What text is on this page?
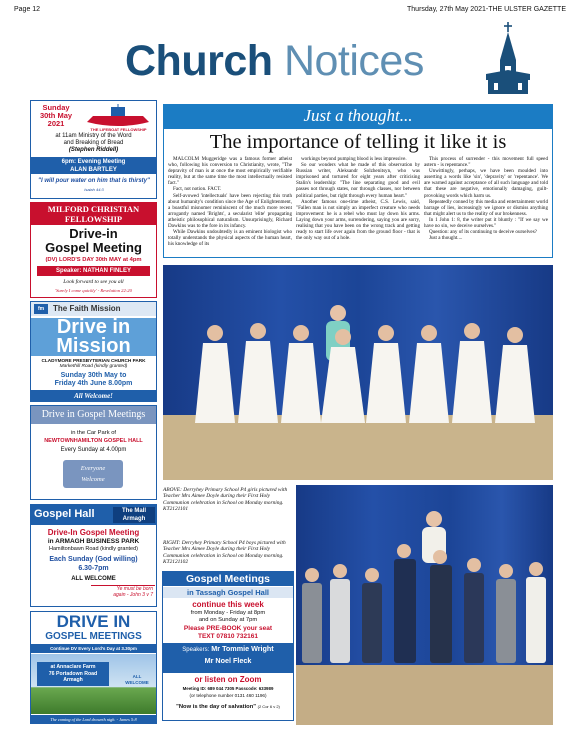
Page 12	Thursday, 27th May 2021-THE ULSTER GAZETTE
Church Notices
Sunday
30th May
2021
THE LIFEBOAT FELLOWSHIP
at 11am Ministry of the Word
and Breaking of Bread
(Stephen Riddell)
6pm: Evening Meeting
ALAN BARTLEY
"I will pour water on him that is thirsty" Isaiah 44:3
MILFORD CHRISTIAN
FELLOWSHIP
Drive-in
Gospel Meeting
(DV) LORD'S DAY 30th MAY at 4pm
Speaker: NATHAN FINLEY
Look forward to see you all
'Surely I come quickly' - Revelation 22:20
fm	The Faith Mission
Drive in
Mission
CLADYMORE PRESBYTERIAN CHURCH PARK
Markethill Road (kindly granted)
Sunday 30th May to
Friday 4th June 8.00pm
All Welcome!
Drive in Gospel Meetings
in the Car Park of
NEWTOWNHAMILTON GOSPEL HALL
Every Sunday at 4.00pm
Everyone
Welcome
Gospel Hall	The Mall
Armagh
Drive-In Gospel Meeting
in ARMAGH BUSINESS PARK
Hamiltonbawn Road (kindly granted)
Each Sunday (God willing)
6.30-7pm
ALL WELCOME
Ye must be born
again - John 3 v 7
DRIVE IN
GOSPEL MEETINGS
Continue DV Every Lord's Day at 3.30pm
at Annaclare Farm
76 Portadown Road
Armagh
ALL
WELCOME
The coming of the Lord draweth nigh. - James 5:8
Just a thought...
The importance of telling it like it is

MALCOLM Muggeridge was a famous former atheist who, following his conversion to Christianity, wrote, "The depravity of man is at once the most empirically verifiable reality, but at the same time the most intellectually resisted fact."

Fact, not notion. FACT.

Self-avowed 'intellectuals' have been rejecting this truth about humanity's condition since the Age of Enlightenment, a boastful misnomer reminiscent of the much more recent arrogantly named 'Brights', a secularist 'elite' propagating atheistic philosophical naturalism. Unsurprisingly, Richard Dawkins was to the fore in its infancy.

While Dawkins undoubtedly is an eminent biologist who totally understands the physical aspects of the human heart, his knowledge of its

workings beyond pumping blood is less impressive.

So our wonders what he made of this observation by Russian writer, Aleksandr Solzhenitsyn, who was imprisoned and tortured for eight years after criticising Stalin's leadership: "The line separating good and evil passes not through states, nor through classes, nor between political parties, but right through every human heart."

Another famous one-time atheist, C.S. Lewis, said, "Fallen man is not simply an imperfect creature who needs improvement: he is a rebel who must lay down his arms. Laying down your arms, surrendering, saying you are sorry, realising that you have been on the wrong track and getting ready to start life over again from the ground floor - that is the only way out of a hole.

This process of surrender - this movement full speed astern - is repentance."

Unwittingly, perhaps, we have been moulded into asserting a words like 'sin', 'depravity' or 'repentance'. We are warned against acceptance of all such language and told that these are negative, emotionally damaging, guilt-provoking words which harm us.

Repeatedly conned by this media and entertainment world barrage of lies, increasingly we ignore or dismiss anything that might alert us to the reality of our brokenness.

In 1 John 1: 8, the writer put it bluntly : "If we say we have no sin, we deceive ourselves."

Question: any of its continuing to deceive ourselves?

Just a thought....

ABOVE: Derryhey Primary School P4 girls pictured with Teacher Mrs Aimee Doyle during their First Holy Communion celebration in School on Monday morning. KT2121101
RIGHT: Derryhey Primary School P4 boys pictured with Teacher Mrs Aimee Doyle during their First Holy Communion celebration in School on Monday morning. KT2121102
Gospel Meetings
in Tassagh Gospel Hall
continue this week
from Monday - Friday at 8pm
and on Sunday at 7pm
Please PRE-BOOK your seat
TEXT 07810 732161
Speakers: Mr Tommie Wright
Mr Noel Fleck
or listen on Zoom
Meeting ID: 689 044 7305 Passcode: 633989
(or telephone number 0131 460 1196)
"Now is the day of salvation" (2 Cor 6 v 2)
